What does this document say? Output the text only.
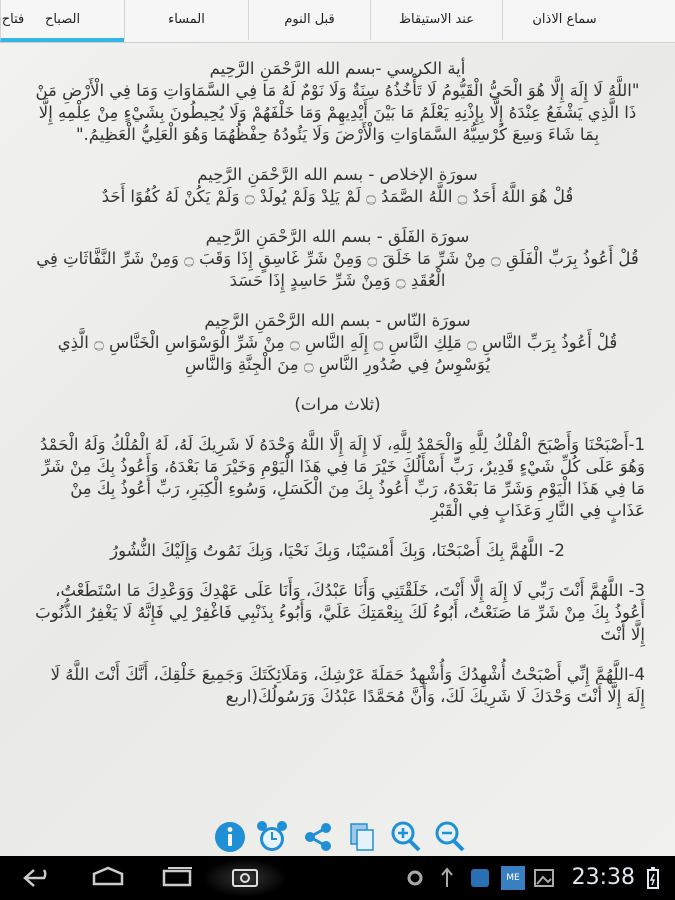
فتاح	سماع الاذان
عند الاستيقاظ
قبل النوم
المساء
الصباح
أية الكرسي -بسم الله الرَّحْمَنِ الرَّحِيم
"اللَّهُ لَا إِلَهَ إِلَّا هُوَ الْحَيُّ الْقَيُّومُ لَا تَأْخُذُهُ سِنَةٌ وَلَا نَوْمٌ لَهُ مَا فِي السَّمَاوَاتِ وَمَا فِي الْأَرْضِ مَنْ ذَا الَّذِي يَشْفَعُ عِنْدَهُ إِلَّا بِإِذْنِهِ يَعْلَمُ مَا بَيْنَ أَيْدِيهِمْ وَمَا خَلْفَهُمْ وَلَا يُحِيطُونَ بِشَيْءٍ مِنْ عِلْمِهِ إِلَّا بِمَا شَاءَ وَسِعَ كُرْسِيُّهُ السَّمَاوَاتِ وَالْأَرْضَ وَلَا يَئُودُهُ حِفْظُهُمَا وَهُوَ الْعَلِيُّ الْعَظِيمُ."
سورَة الإخلاص - بسم الله الرَّحْمَنِ الرَّحِيم
قُلْ هُوَ اللَّهُ أَحَدٌ ۝ اللَّهُ الصَّمَدُ ۝ لَمْ يَلِدْ وَلَمْ يُولَدْ ۝ وَلَمْ يَكُنْ لَهُ كُفُوًا أَحَدٌ
سورَة الفَلَق - بسم الله الرَّحْمَنِ الرَّحِيم
قُلْ أَعُوذُ بِرَبِّ الْفَلَقِ ۝ مِنْ شَرِّ مَا خَلَقَ ۝ وَمِنْ شَرِّ غَاسِقٍ إِذَا وَقَبَ ۝ وَمِنْ شَرِّ النَّفَّاثَاتِ فِي الْعُقَدِ ۝ وَمِنْ شَرِّ حَاسِدٍ إِذَا حَسَدَ
سورَة النّاس - بسم الله الرَّحْمَنِ الرَّحِيم
قُلْ أَعُوذُ بِرَبِّ النَّاسِ ۝ مَلِكِ النَّاسِ ۝ إِلَهِ النَّاسِ ۝ مِنْ شَرِّ الْوَسْوَاسِ الْخَنَّاسِ ۝ الَّذِي يُوَسْوِسُ فِي صُدُورِ النَّاسِ ۝ مِنَ الْجِنَّةِ وَالنَّاسِ
(ثلاث مرات)
1-أَصْبَحْنَا وَأَصْبَحَ الْمُلْكُ لِلَّهِ وَالْحَمْدُ لِلَّهِ، لَا إِلَهَ إِلَّا اللَّهُ وَحْدَهُ لَا شَرِيكَ لَهُ، لَهُ الْمُلْكُ وَلَهُ الْحَمْدُ وَهُوَ عَلَى كُلِّ شَيْءٍ قَدِيرٌ، رَبِّ أَسْأَلُكَ خَيْرَ مَا فِي هَذَا الْيَوْمِ وَخَيْرَ مَا بَعْدَهُ، وَأَعُوذُ بِكَ مِنْ شَرِّ مَا فِي هَذَا الْيَوْمِ وَشَرِّ مَا بَعْدَهُ، رَبِّ أَعُوذُ بِكَ مِنَ الْكَسَلِ، وَسُوءِ الْكِبَرِ، رَبِّ أَعُوذُ بِكَ مِنْ عَذَابٍ فِي النَّارِ وَعَذَابٍ فِي الْقَبْرِ
2- اللَّهُمَّ بِكَ أَصْبَحْنَا، وَبِكَ أَمْسَيْنَا، وَبِكَ نَحْيَا، وَبِكَ نَمُوتُ وَإِلَيْكَ النُّشُورُ
3- اللَّهُمَّ أَنْتَ رَبِّي لَا إِلَهَ إِلَّا أَنْتَ، خَلَقْتَنِي وَأَنَا عَبْدُكَ، وَأَنَا عَلَى عَهْدِكَ وَوَعْدِكَ مَا اسْتَطَعْتُ، أَعُوذُ بِكَ مِنْ شَرِّ مَا صَنَعْتُ، أَبُوءُ لَكَ بِنِعْمَتِكَ عَلَيَّ، وَأَبُوءُ بِذَنْبِي فَاغْفِرْ لِي فَإِنَّهُ لَا يَغْفِرُ الذُّنُوبَ إِلَّا أَنْتَ
4-اللَّهُمَّ إِنِّي أَصْبَحْتُ أُشْهِدُكَ وَأُشْهِدُ حَمَلَةَ عَرْشِكَ، وَمَلَائِكَتَكَ وَجَمِيعَ خَلْقِكَ، أَنَّكَ أَنْتَ اللَّهُ لَا إِلَهَ إِلَّا أَنْتَ وَحْدَكَ لَا شَرِيكَ لَكَ، وَأَنَّ مُحَمَّدًا عَبْدُكَ وَرَسُولُكَ(اربع
ME 23:38
